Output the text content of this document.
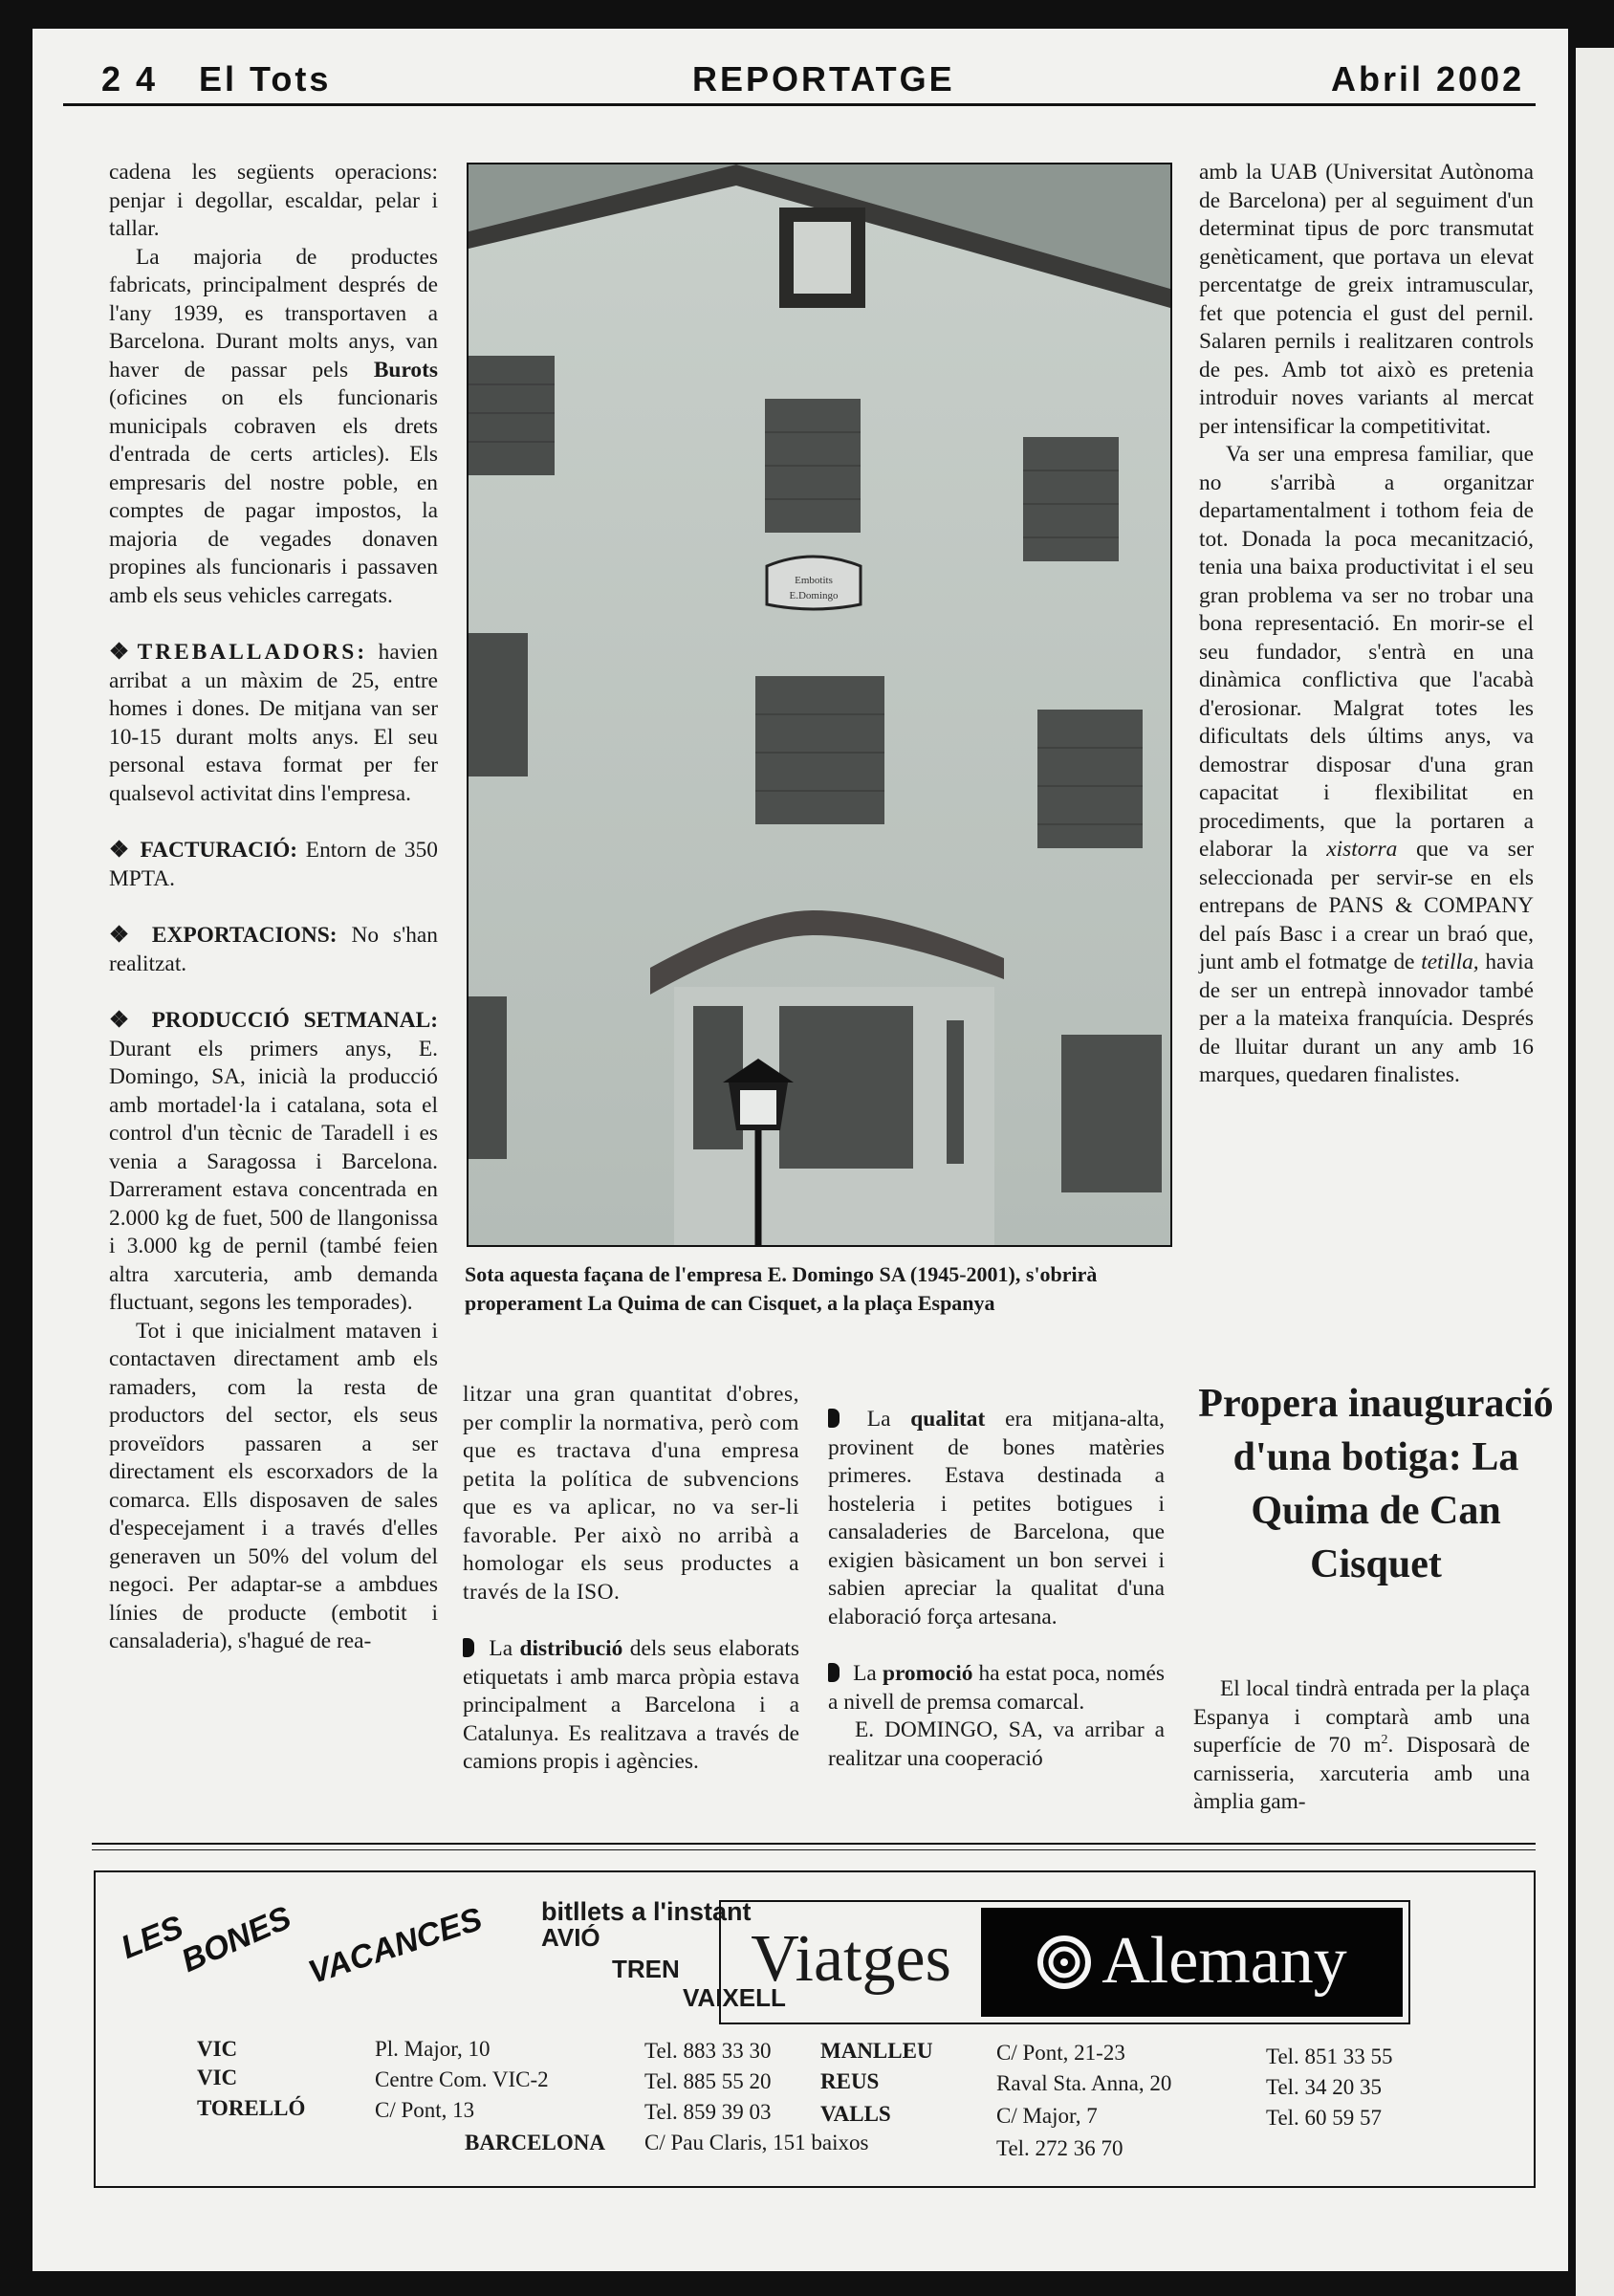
2 4 El Tots	REPORTATGE	Abril 2002

cadena les següents operacions: penjar i degollar, escaldar, pelar i tallar.

La majoria de productes fabricats, principalment després de l'any 1939, es transportaven a Barcelona. Durant molts anys, van haver de passar pels Burots (oficines on els funcionaris municipals cobraven els drets d'entrada de certs articles). Els empresaris del nostre poble, en comptes de pagar impostos, la majoria de vegades donaven propines als funcionaris i passaven amb els seus vehicles carregats.

❖TREBALLADORS: havien arribat a un màxim de 25, entre homes i dones. De mitjana van ser 10-15 durant molts anys. El seu personal estava format per fer qualsevol activitat dins l'empresa.

❖ FACTURACIÓ: Entorn de 350 MPTA.

❖ EXPORTACIONS: No s'han realitzat.

❖ PRODUCCIÓ SETMANAL: Durant els primers anys, E. Domingo, SA, inicià la producció amb mortadel·la i catalana, sota el control d'un tècnic de Taradell i es venia a Saragossa i Barcelona. Darrerament estava concentrada en 2.000 kg de fuet, 500 de llangonissa i 3.000 kg de pernil (també feien altra xarcuteria, amb demanda fluctuant, segons les temporades).

Tot i que inicialment mataven i contactaven directament amb els ramaders, com la resta de productors del sector, els seus proveïdors passaren a ser directament els escorxadors de la comarca. Ells disposaven de sales d'especejament i a través d'elles generaven un 50% del volum del negoci. Per adaptar-se a ambdues línies de producte (embotit i cansaladeria), s'hagué de rea-

Embotits
E.Domingo
Sota aquesta façana de l'empresa E. Domingo SA (1945-2001), s'obrirà properament La Quima de can Cisquet, a la plaça Espanya

litzar una gran quantitat d'obres, per complir la normativa, però com que es tractava d'una empresa petita la política de subvencions que es va aplicar, no va ser-li favorable. Per això no arribà a homologar els seus productes a través de la ISO.

La distribució dels seus elaborats etiquetats i amb marca pròpia estava principalment a Barcelona i a Catalunya. Es realitzava a través de camions propis i agències.

La qualitat era mitjana-alta, provinent de bones matèries primeres. Estava destinada a hosteleria i petites botigues i cansaladeries de Barcelona, que exigien bàsicament un bon servei i sabien apreciar la qualitat d'una elaboració força artesana.

La promoció ha estat poca, només a nivell de premsa comarcal.

E. DOMINGO, SA, va arribar a realitzar una cooperació

amb la UAB (Universitat Autònoma de Barcelona) per al seguiment d'un determinat tipus de porc transmutat genèticament, que portava un elevat percentatge de greix intramuscular, fet que potencia el gust del pernil. Salaren pernils i realitzaren controls de pes. Amb tot això es pretenia introduir noves variants al mercat per intensificar la competitivitat.

Va ser una empresa familiar, que no s'arribà a organitzar departamentalment i tothom feia de tot. Donada la poca mecanització, tenia una baixa productivitat i el seu gran problema va ser no trobar una bona representació. En morir-se el seu fundador, s'entrà en una dinàmica conflictiva que l'acabà d'erosionar. Malgrat totes les dificultats dels últims anys, va demostrar disposar d'una gran capacitat i flexibilitat en procediments, que la portaren a elaborar la xistorra que va ser seleccionada per servir-se en els entrepans de PANS & COMPANY del país Basc i a crear un braó que, junt amb el fotmatge de tetilla, havia de ser un entrepà innovador també per a la mateixa franquícia. Després de lluitar durant un any amb 16 marques, quedaren finalistes.

Propera inauguració d'una botiga: La Quima de Can Cisquet

El local tindrà entrada per la plaça Espanya i comptarà amb una superfície de 70 $m^2$. Disposarà de carnisseria, xarcuteria amb una àmplia gam-

LES
BONES VACANCES bitllets a l'instant
AVIÓ
TREN
VAIXELL
Viatges	Alemany
VIC	Pl. Major, 10	Tel. 883 33 30
VIC	Centre Com. VIC-2	Tel. 885 55 20
TORELLÓ	C/ Pont, 13	Tel. 859 39 03
MANLLEU	C/ Pont, 21-23	Tel. 851 33 55
REUS	Raval Sta. Anna, 20	Tel. 34 20 35
VALLS	C/ Major, 7	Tel. 60 59 57
BARCELONA C/ Pau Claris, 151 baixos	Tel. 272 36 70
